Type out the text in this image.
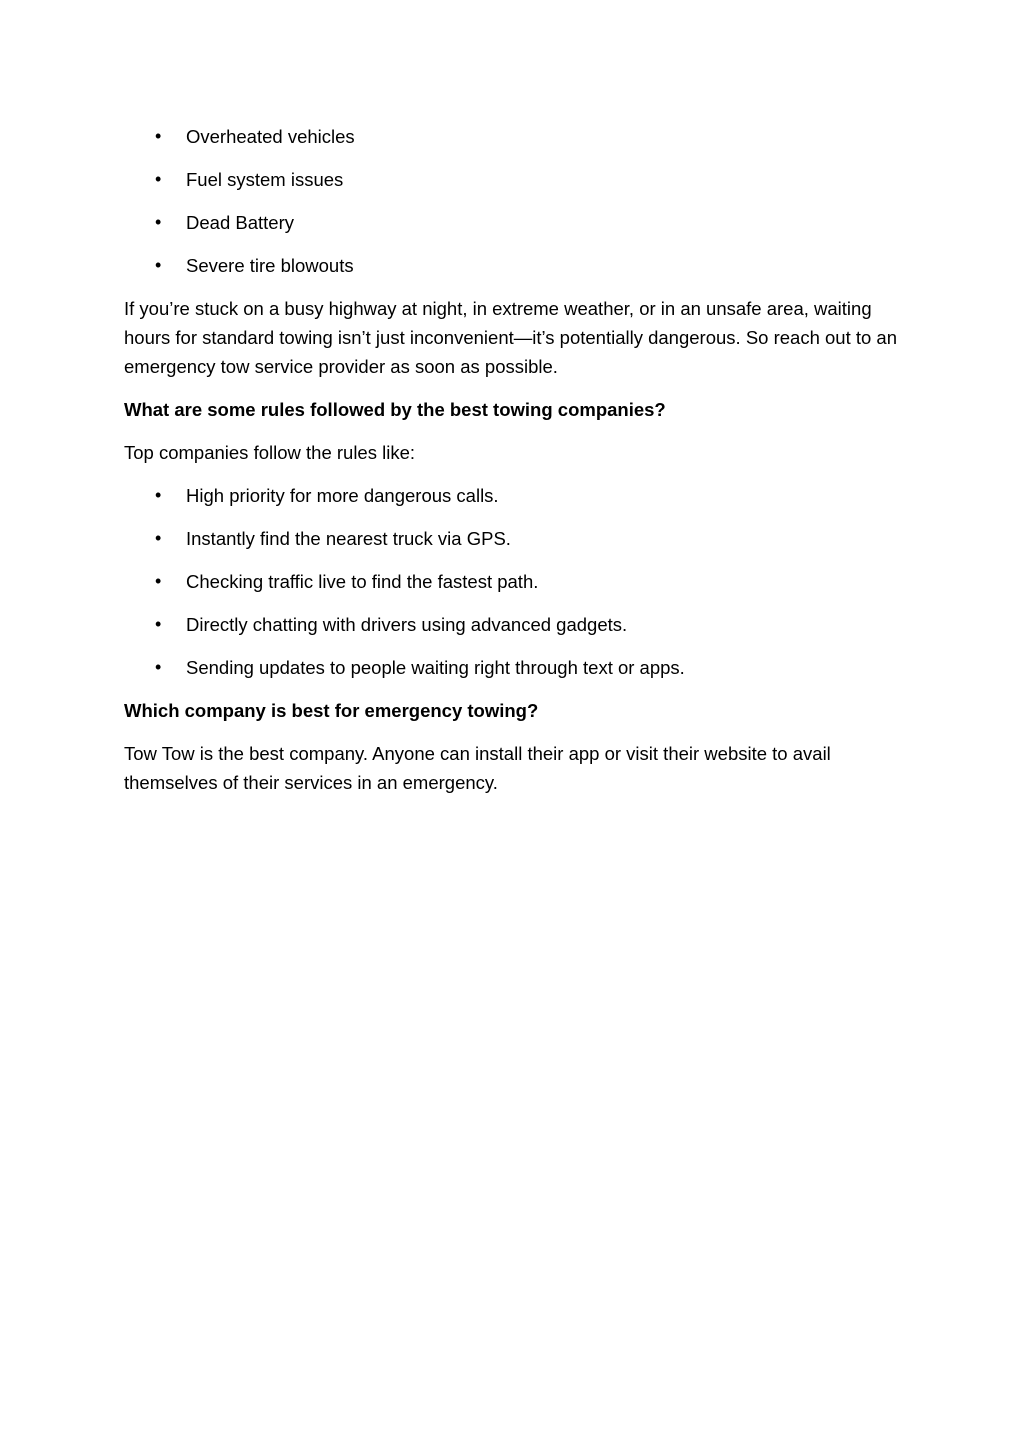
• Overheated vehicles
• Fuel system issues
• Dead Battery
• Severe tire blowouts

If you’re stuck on a busy highway at night, in extreme weather, or in an unsafe area, waiting hours for standard towing isn’t just inconvenient—it’s potentially dangerous. So reach out to an emergency tow service provider as soon as possible.

What are some rules followed by the best towing companies?

Top companies follow the rules like:

• High priority for more dangerous calls.
• Instantly find the nearest truck via GPS.
• Checking traffic live to find the fastest path.
• Directly chatting with drivers using advanced gadgets.
• Sending updates to people waiting right through text or apps.

Which company is best for emergency towing?

Tow Tow is the best company. Anyone can install their app or visit their website to avail themselves of their services in an emergency.
